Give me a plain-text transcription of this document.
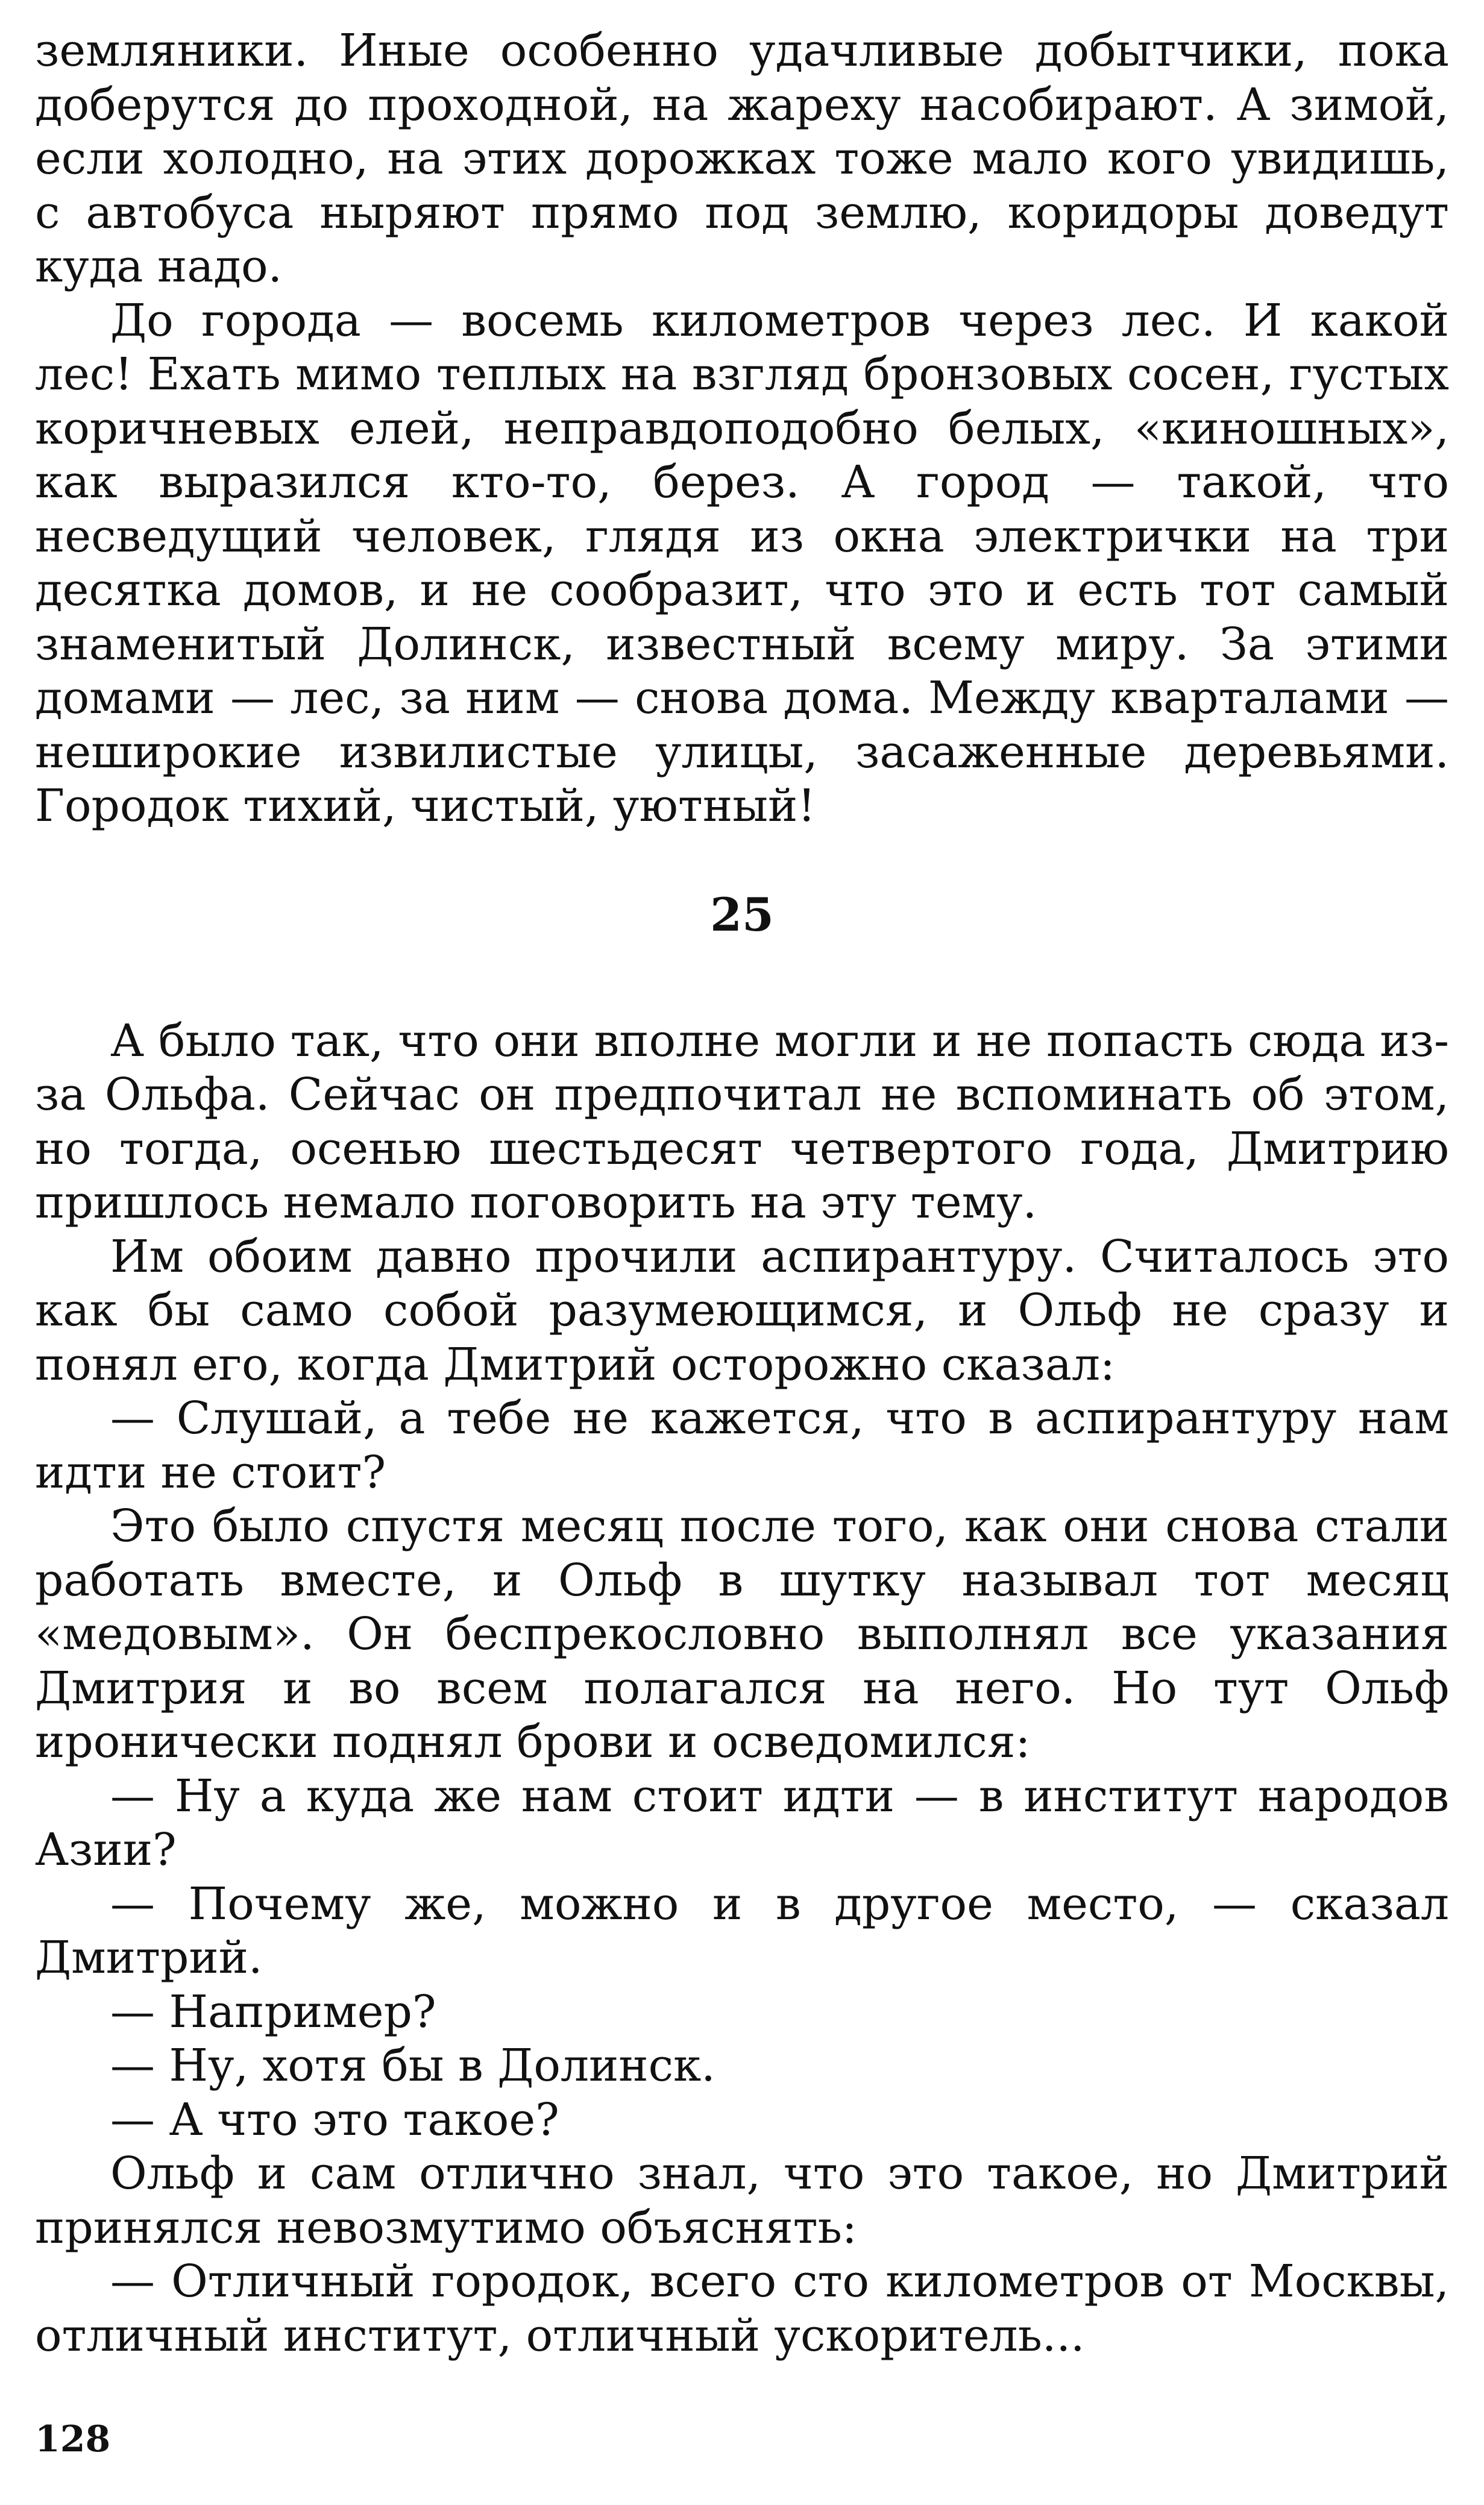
земляники. Иные особенно удачливые добытчики, пока доберутся до проходной, на жарехy насобирают. А зимой, если холодно, на этих дорожках тоже мало кого увидишь, с автобуса ныряют прямо под землю, коридоры доведут куда надо.

До города — восемь километров через лес. И какой лес! Ехать мимо теплых на взгляд бронзовых сосен, густых коричневых елей, неправдоподобно белых, «киношных», как выразился кто-то, берез. А город — такой, что несведущий человек, глядя из окна электрички на три десятка домов, и не сообразит, что это и есть тот самый знаменитый Долинск, известный всему миру. За этими домами — лес, за ним — снова дома. Между кварталами — неширокие извилистые улицы, засаженные деревьями. Городок тихий, чистый, уютный!

25

А было так, что они вполне могли и не попасть сюда из-за Ольфа. Сейчас он предпочитал не вспоминать об этом, но тогда, осенью шестьдесят четвертого года, Дмитрию пришлось немало поговорить на эту тему.

Им обоим давно прочили аспирантуру. Считалось это как бы само собой разумеющимся, и Ольф не сразу и понял его, когда Дмитрий осторожно сказал:

— Слушай, а тебе не кажется, что в аспирантуру нам идти не стоит?

Это было спустя месяц после того, как они снова стали работать вместе, и Ольф в шутку называл тот месяц «медовым». Он беспрекословно выполнял все указания Дмитрия и во всем полагался на него. Но тут Ольф иронически поднял брови и осведомился:

— Ну а куда же нам стоит идти — в институт народов Азии?

— Почему же, можно и в другое место, — сказал Дмитрий.

— Например?

— Ну, хотя бы в Долинск.

— А что это такое?

Ольф и сам отлично знал, что это такое, но Дмитрий принялся невозмутимо объяснять:

— Отличный городок, всего сто километров от Москвы, отличный институт, отличный ускоритель...

128
